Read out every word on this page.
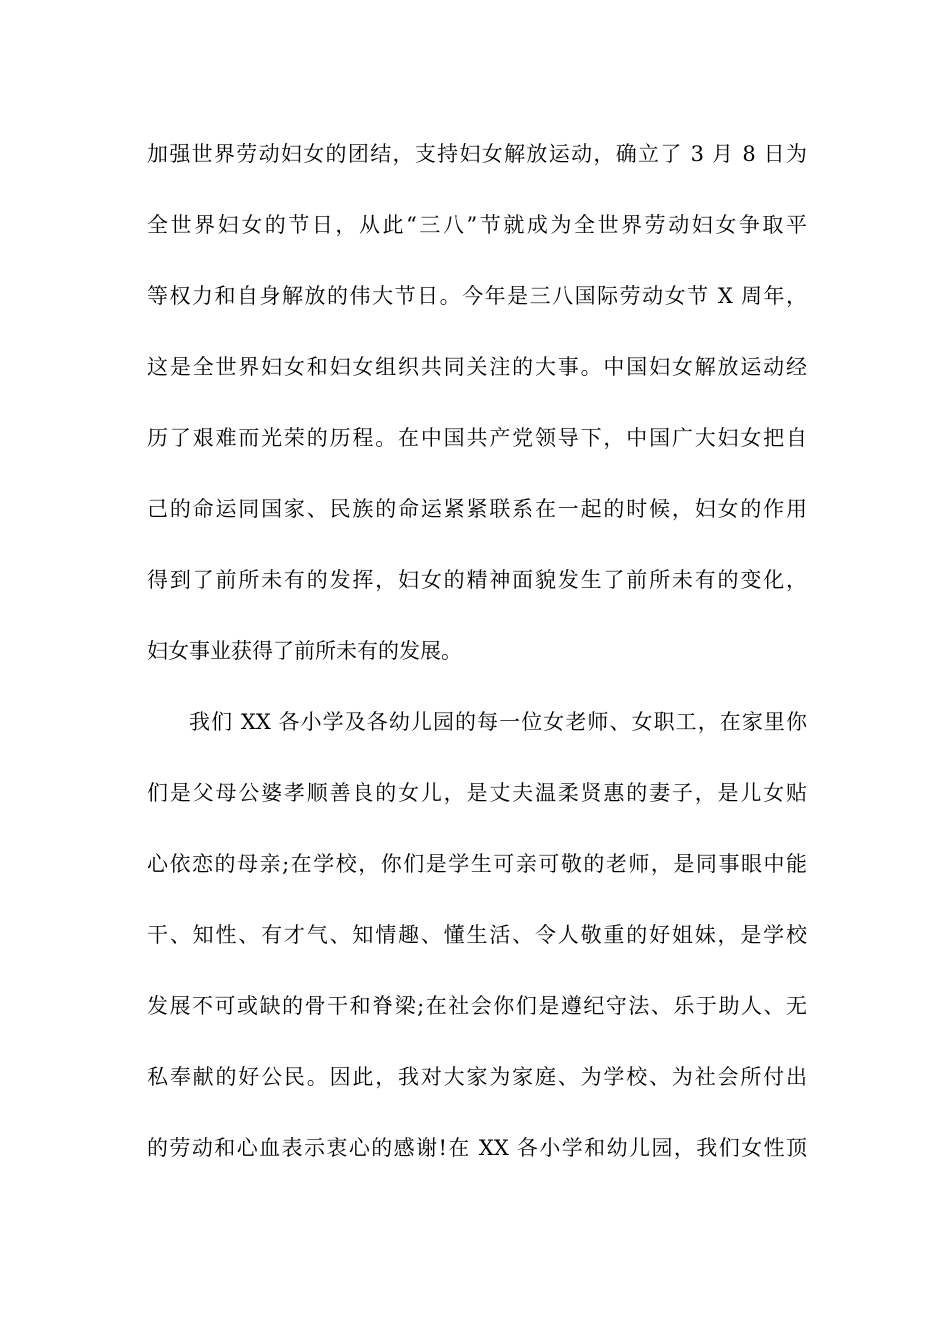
加强世界劳动妇女的团结，支持妇女解放运动，确立了 3 月 8 日为
全世界妇女的节日，从此“三八”节就成为全世界劳动妇女争取平
等权力和自身解放的伟大节日。今年是三八国际劳动女节 X 周年，
这是全世界妇女和妇女组织共同关注的大事。中国妇女解放运动经
历了艰难而光荣的历程。在中国共产党领导下，中国广大妇女把自
己的命运同国家、民族的命运紧紧联系在一起的时候，妇女的作用
得到了前所未有的发挥，妇女的精神面貌发生了前所未有的变化，
妇女事业获得了前所未有的发展。
我们 XX 各小学及各幼儿园的每一位女老师、女职工，在家里你
们是父母公婆孝顺善良的女儿，是丈夫温柔贤惠的妻子，是儿女贴
心依恋的母亲;在学校，你们是学生可亲可敬的老师，是同事眼中能
干、知性、有才气、知情趣、懂生活、令人敬重的好姐妹，是学校
发展不可或缺的骨干和脊梁;在社会你们是遵纪守法、乐于助人、无
私奉献的好公民。因此，我对大家为家庭、为学校、为社会所付出
的劳动和心血表示衷心的感谢!在 XX 各小学和幼儿园，我们女性顶
